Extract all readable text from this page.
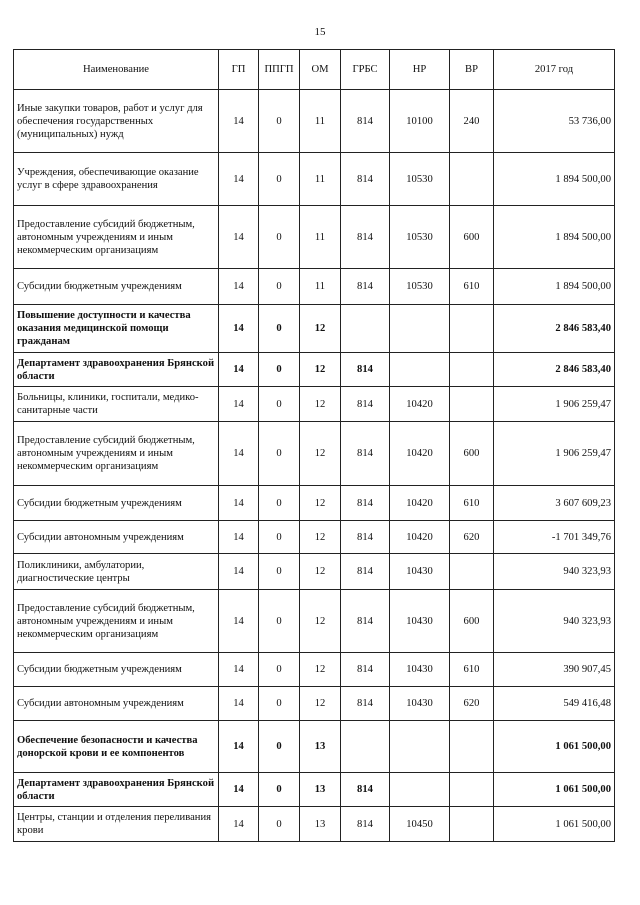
15
Наименование	ГП	ППГП	ОМ	ГРБС	НР	ВР	2017 год
Иные закупки товаров, работ и услуг для обеспечения государственных (муниципальных) нужд	14	0	11	814	10100	240	53 736,00
Учреждения, обеспечивающие оказание услуг в сфере здравоохранения	14	0	11	814	10530		1 894 500,00
Предоставление субсидий бюджетным, автономным учреждениям и иным некоммерческим организациям	14	0	11	814	10530	600	1 894 500,00
Субсидии бюджетным учреждениям	14	0	11	814	10530	610	1 894 500,00
Повышение доступности и качества оказания медицинской помощи гражданам	14	0	12				2 846 583,40
Департамент здравоохранения Брянской области	14	0	12	814			2 846 583,40
Больницы, клиники, госпитали, медико-санитарные части	14	0	12	814	10420		1 906 259,47
Предоставление субсидий бюджетным, автономным учреждениям и иным некоммерческим организациям	14	0	12	814	10420	600	1 906 259,47
Субсидии бюджетным учреждениям	14	0	12	814	10420	610	3 607 609,23
Субсидии автономным учреждениям	14	0	12	814	10420	620	-1 701 349,76
Поликлиники, амбулатории, диагностические центры	14	0	12	814	10430		940 323,93
Предоставление субсидий бюджетным, автономным учреждениям и иным некоммерческим организациям	14	0	12	814	10430	600	940 323,93
Субсидии бюджетным учреждениям	14	0	12	814	10430	610	390 907,45
Субсидии автономным учреждениям	14	0	12	814	10430	620	549 416,48
Обеспечение безопасности и качества донорской крови и ее компонентов	14	0	13				1 061 500,00
Департамент здравоохранения Брянской области	14	0	13	814			1 061 500,00
Центры, станции и отделения переливания крови	14	0	13	814	10450		1 061 500,00
